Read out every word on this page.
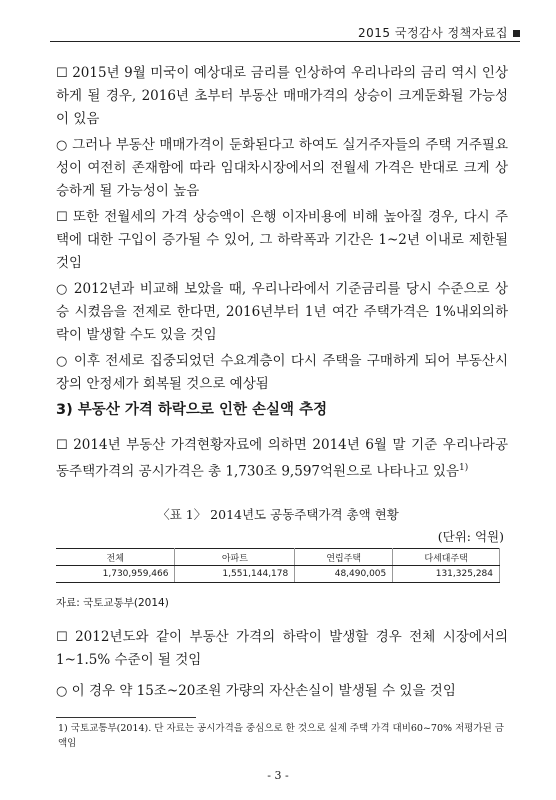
2015 국정감사 정책자료집
☐ 2015년 9월 미국이 예상대로 금리를 인상하여 우리나라의 금리 역시 인상하게 될 경우, 2016년 초부터 부동산 매매가격의 상승이 크게둔화될 가능성이 있음
○ 그러나 부동산 매매가격이 둔화된다고 하여도 실거주자들의 주택 거주필요성이 여전히 존재함에 따라 임대차시장에서의 전월세 가격은 반대로 크게 상승하게 될 가능성이 높음
☐ 또한 전월세의 가격 상승액이 은행 이자비용에 비해 높아질 경우, 다시 주택에 대한 구입이 증가될 수 있어, 그 하락폭과 기간은 1~2년 이내로 제한될 것임
○ 2012년과 비교해 보았을 때, 우리나라에서 기준금리를 당시 수준으로 상승 시켰음을 전제로 한다면, 2016년부터 1년 여간 주택가격은 1%내외의하락이 발생할 수도 있을 것임
○ 이후 전세로 집중되었던 수요계층이 다시 주택을 구매하게 되어 부동산시장의 안정세가 회복될 것으로 예상됨
3) 부동산 가격 하락으로 인한 손실액 추정
☐ 2014년 부동산 가격현황자료에 의하면 2014년 6월 말 기준 우리나라공 동주택가격의 공시가격은 총 1,730조 9,597억원으로 나타나고 있음$^{1)}$
〈표 1〉 2014년도 공동주택가격 총액 현황
(단위: 억원)
전체	아파트	연립주택	다세대주택
1,730,959,466	1,551,144,178	48,490,005	131,325,284
자료: 국토교통부(2014)
☐ 2012년도와 같이 부동산 가격의 하락이 발생할 경우 전체 시장에서의 1~1.5% 수준이 될 것임
○ 이 경우 약 15조~20조원 가량의 자산손실이 발생될 수 있을 것임
1) 국토교통부(2014). 단 자료는 공시가격을 중심으로 한 것으로 실제 주택 가격 대비60~70% 저평가된 금액임
- 3 -
